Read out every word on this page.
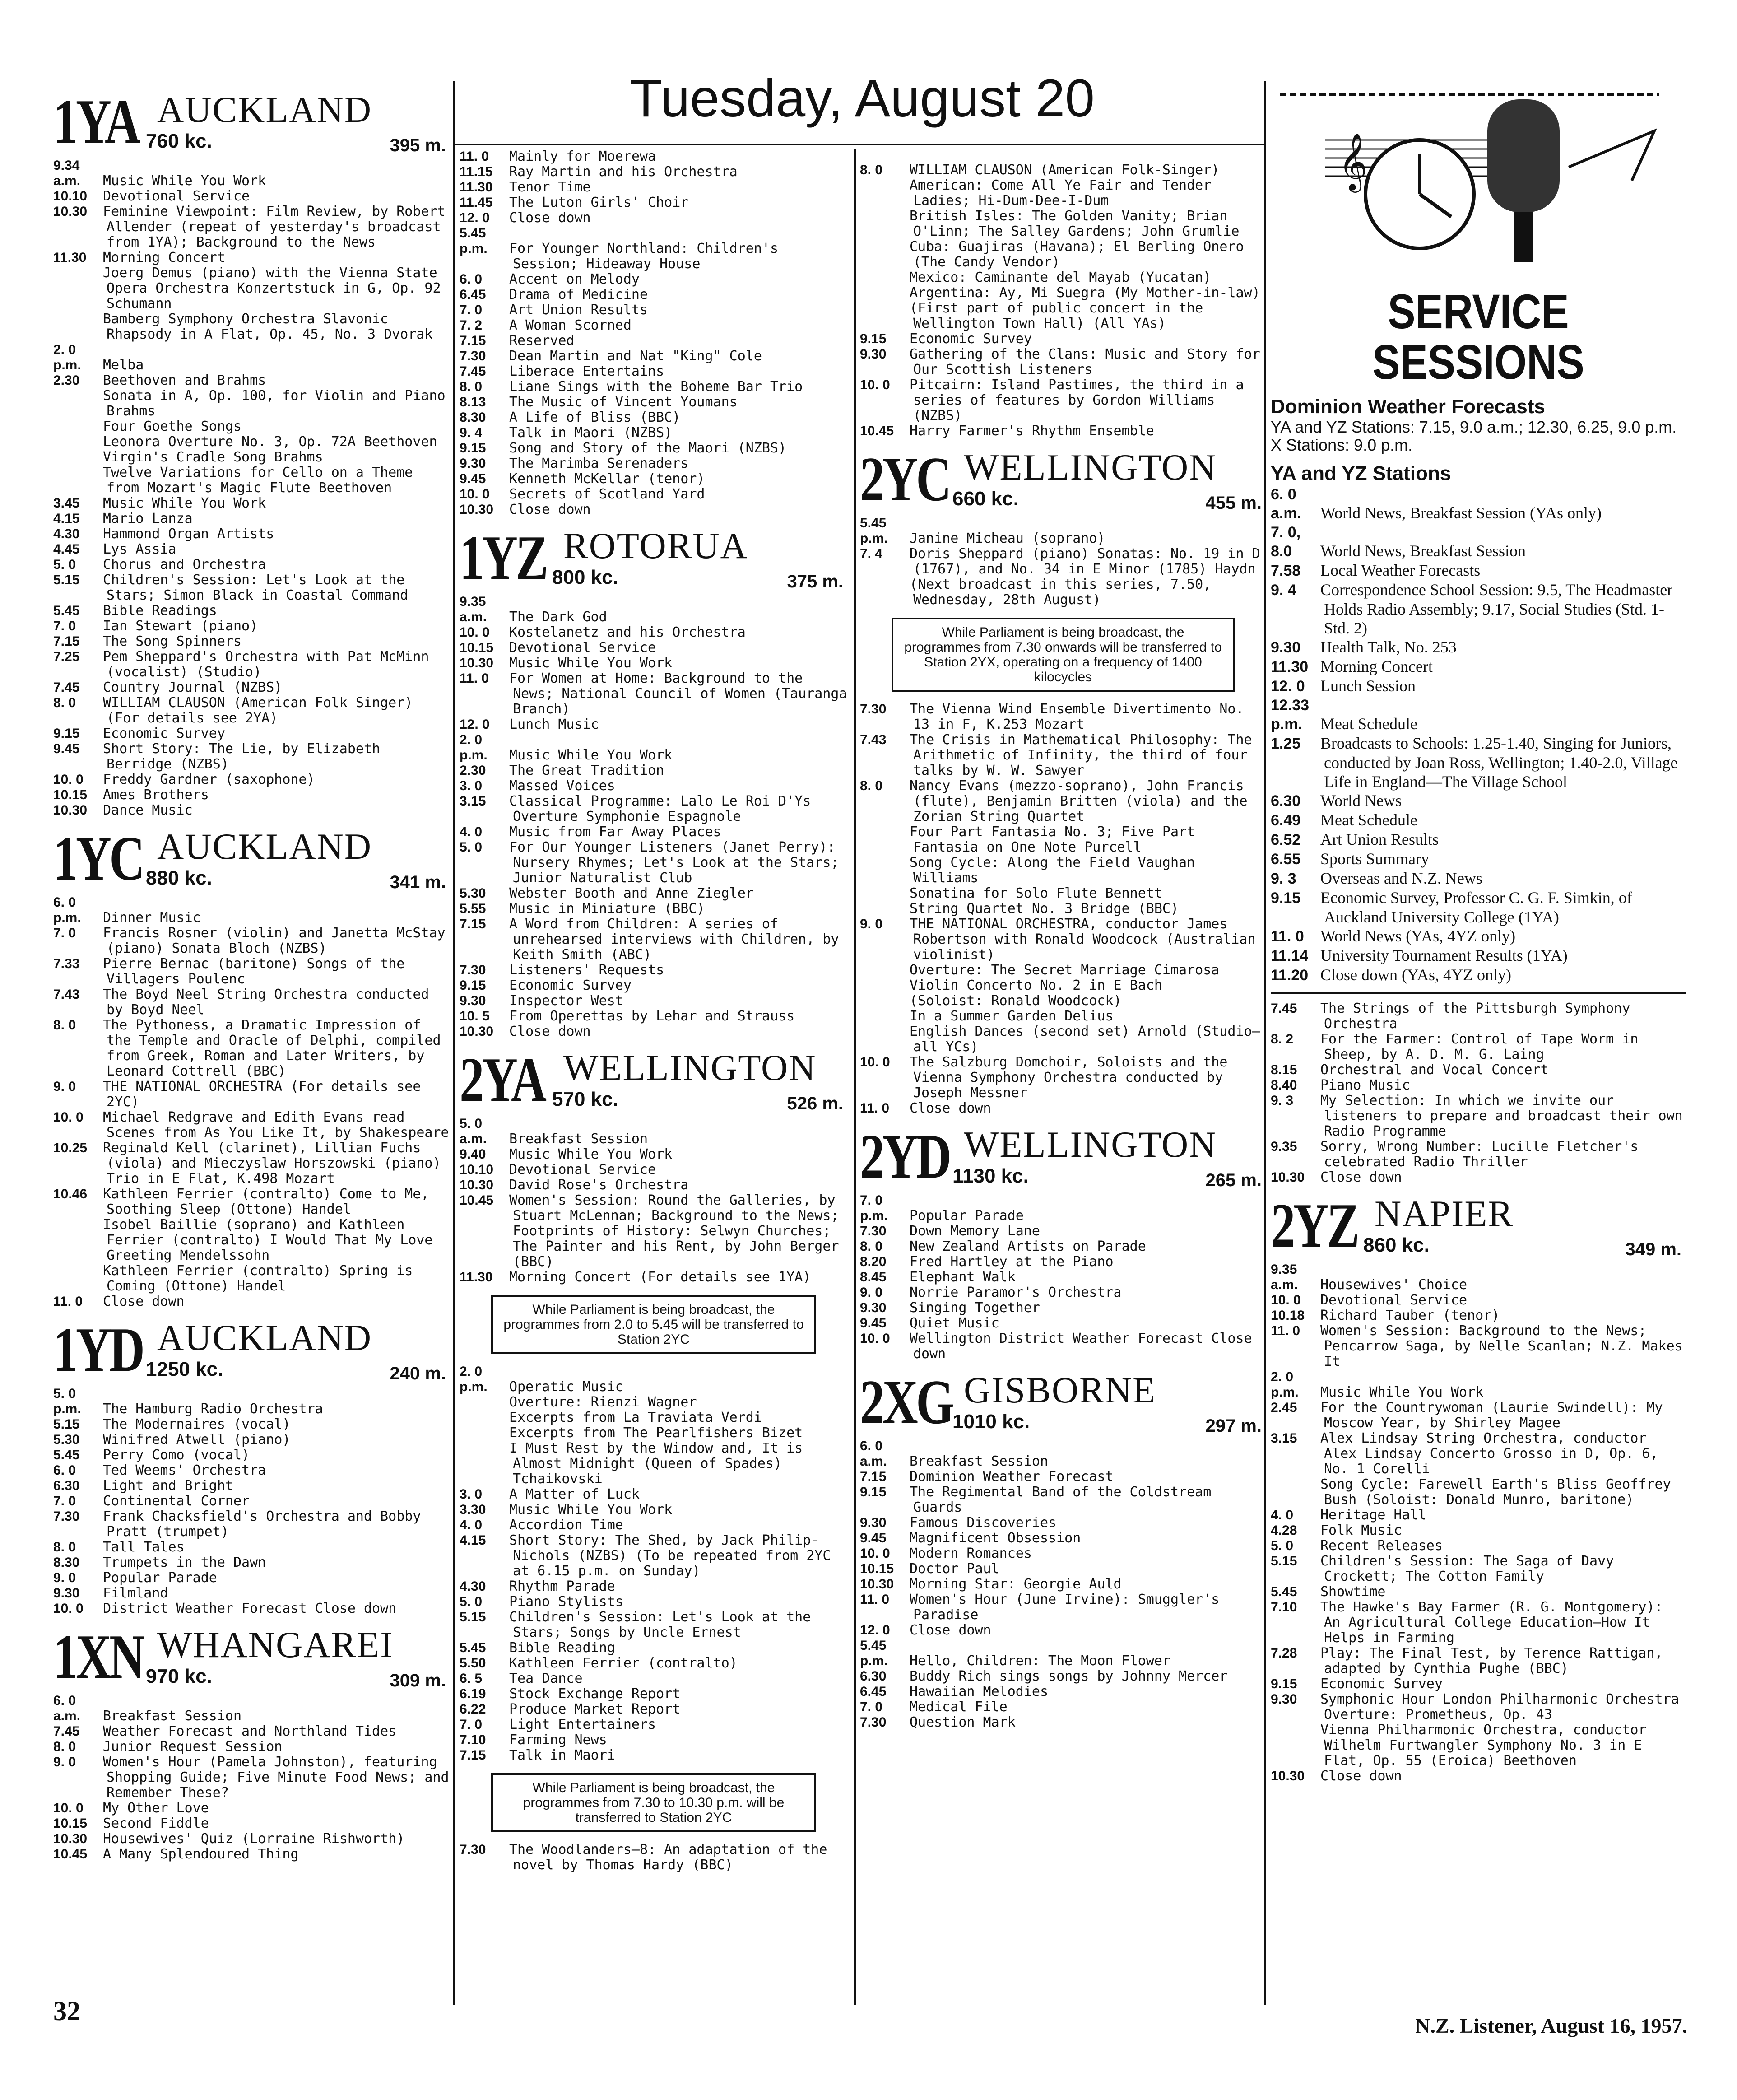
Tuesday, August 20
1YA AUCKLAND
760 kc.	395 m.
9.34 a.m. Music While You Work
10.10 Devotional Service
10.30 Feminine Viewpoint: Film Review, by Robert Allender (repeat of yesterday's broadcast from 1YA); Background to the News
11.30 Morning Concert
Joerg Demus (piano) with the Vienna State Opera Orchestra Konzertstuck in G, Op. 92 Schumann
Bamberg Symphony Orchestra Slavonic Rhapsody in A Flat, Op. 45, No. 3 Dvorak
2. 0 p.m. Melba
2.30 Beethoven and Brahms
Sonata in A, Op. 100, for Violin and Piano Brahms
Four Goethe Songs
Leonora Overture No. 3, Op. 72A Beethoven
Virgin's Cradle Song Brahms
Twelve Variations for Cello on a Theme from Mozart's Magic Flute Beethoven
3.45 Music While You Work
4.15 Mario Lanza
4.30 Hammond Organ Artists
4.45 Lys Assia
5. 0 Chorus and Orchestra
5.15 Children's Session: Let's Look at the Stars; Simon Black in Coastal Command
5.45 Bible Readings
7. 0 Ian Stewart (piano)
7.15 The Song Spinners
7.25 Pem Sheppard's Orchestra with Pat McMinn (vocalist) (Studio)
7.45 Country Journal (NZBS)
8. 0 WILLIAM CLAUSON (American Folk Singer) (For details see 2YA)
9.15 Economic Survey
9.45 Short Story: The Lie, by Elizabeth Berridge (NZBS)
10. 0 Freddy Gardner (saxophone)
10.15 Ames Brothers
10.30 Dance Music
1YC AUCKLAND
880 kc.	341 m.
6. 0 p.m. Dinner Music
7. 0 Francis Rosner (violin) and Janetta McStay (piano) Sonata Bloch (NZBS)
7.33 Pierre Bernac (baritone) Songs of the Villagers Poulenc
7.43 The Boyd Neel String Orchestra conducted by Boyd Neel
8. 0 The Pythoness, a Dramatic Impression of the Temple and Oracle of Delphi, compiled from Greek, Roman and Later Writers, by Leonard Cottrell (BBC)
9. 0 THE NATIONAL ORCHESTRA (For details see 2YC)
10. 0 Michael Redgrave and Edith Evans read Scenes from As You Like It, by Shakespeare
10.25 Reginald Kell (clarinet), Lillian Fuchs (viola) and Mieczyslaw Horszowski (piano) Trio in E Flat, K.498 Mozart
10.46 Kathleen Ferrier (contralto) Come to Me, Soothing Sleep (Ottone) Handel
Isobel Baillie (soprano) and Kathleen Ferrier (contralto) I Would That My Love Greeting Mendelssohn
Kathleen Ferrier (contralto) Spring is Coming (Ottone) Handel
11. 0 Close down
1YD AUCKLAND
1250 kc.	240 m.
5. 0 p.m. The Hamburg Radio Orchestra
5.15 The Modernaires (vocal)
5.30 Winifred Atwell (piano)
5.45 Perry Como (vocal)
6. 0 Ted Weems' Orchestra
6.30 Light and Bright
7. 0 Continental Corner
7.30 Frank Chacksfield's Orchestra and Bobby Pratt (trumpet)
8. 0 Tall Tales
8.30 Trumpets in the Dawn
9. 0 Popular Parade
9.30 Filmland
10. 0 District Weather Forecast Close down
1XN WHANGAREI
970 kc.	309 m.
6. 0 a.m. Breakfast Session
7.45 Weather Forecast and Northland Tides
8. 0 Junior Request Session
9. 0 Women's Hour (Pamela Johnston), featuring Shopping Guide; Five Minute Food News; and Remember These?
10. 0 My Other Love
10.15 Second Fiddle
10.30 Housewives' Quiz (Lorraine Rishworth)
10.45 A Many Splendoured Thing
11. 0 Mainly for Moerewa
11.15 Ray Martin and his Orchestra
11.30 Tenor Time
11.45 The Luton Girls' Choir
12. 0 Close down
5.45 p.m. For Younger Northland: Children's Session; Hideaway House
6. 0 Accent on Melody
6.45 Drama of Medicine
7. 0 Art Union Results
7. 2 A Woman Scorned
7.15 Reserved
7.30 Dean Martin and Nat "King" Cole
7.45 Liberace Entertains
8. 0 Liane Sings with the Boheme Bar Trio
8.13 The Music of Vincent Youmans
8.30 A Life of Bliss (BBC)
9. 4 Talk in Maori (NZBS)
9.15 Song and Story of the Maori (NZBS)
9.30 The Marimba Serenaders
9.45 Kenneth McKellar (tenor)
10. 0 Secrets of Scotland Yard
10.30 Close down
1YZ ROTORUA
800 kc.	375 m.
9.35 a.m. The Dark God
10. 0 Kostelanetz and his Orchestra
10.15 Devotional Service
10.30 Music While You Work
11. 0 For Women at Home: Background to the News; National Council of Women (Tauranga Branch)
12. 0 Lunch Music
2. 0 p.m. Music While You Work
2.30 The Great Tradition
3. 0 Massed Voices
3.15 Classical Programme: Lalo Le Roi D'Ys Overture Symphonie Espagnole
4. 0 Music from Far Away Places
5. 0 For Our Younger Listeners (Janet Perry): Nursery Rhymes; Let's Look at the Stars; Junior Naturalist Club
5.30 Webster Booth and Anne Ziegler
5.55 Music in Miniature (BBC)
7.15 A Word from Children: A series of unrehearsed interviews with Children, by Keith Smith (ABC)
7.30 Listeners' Requests
9.15 Economic Survey
9.30 Inspector West
10. 5 From Operettas by Lehar and Strauss
10.30 Close down
2YA WELLINGTON
570 kc.	526 m.
5. 0 a.m. Breakfast Session
9.40 Music While You Work
10.10 Devotional Service
10.30 David Rose's Orchestra
10.45 Women's Session: Round the Galleries, by Stuart McLennan; Background to the News; Footprints of History: Selwyn Churches; The Painter and his Rent, by John Berger (BBC)
11.30 Morning Concert (For details see 1YA)
While Parliament is being broadcast, the programmes from 2.0 to 5.45 will be transferred to Station 2YC
2. 0 p.m. Operatic Music
Overture: Rienzi Wagner
Excerpts from La Traviata Verdi
Excerpts from The Pearlfishers Bizet
I Must Rest by the Window and, It is Almost Midnight (Queen of Spades) Tchaikovski
3. 0 A Matter of Luck
3.30 Music While You Work
4. 0 Accordion Time
4.15 Short Story: The Shed, by Jack Philip-Nichols (NZBS) (To be repeated from 2YC at 6.15 p.m. on Sunday)
4.30 Rhythm Parade
5. 0 Piano Stylists
5.15 Children's Session: Let's Look at the Stars; Songs by Uncle Ernest
5.45 Bible Reading
5.50 Kathleen Ferrier (contralto)
6. 5 Tea Dance
6.19 Stock Exchange Report
6.22 Produce Market Report
7. 0 Light Entertainers
7.10 Farming News
7.15 Talk in Maori
While Parliament is being broadcast, the programmes from 7.30 to 10.30 p.m. will be transferred to Station 2YC
7.30 The Woodlanders—8: An adaptation of the novel by Thomas Hardy (BBC)
8. 0 WILLIAM CLAUSON (American Folk-Singer)
American: Come All Ye Fair and Tender Ladies; Hi-Dum-Dee-I-Dum
British Isles: The Golden Vanity; Brian O'Linn; The Salley Gardens; John Grumlie
Cuba: Guajiras (Havana); El Berling Onero (The Candy Vendor)
Mexico: Caminante del Mayab (Yucatan)
Argentina: Ay, Mi Suegra (My Mother-in-law)
(First part of public concert in the Wellington Town Hall) (All YAs)
9.15 Economic Survey
9.30 Gathering of the Clans: Music and Story for Our Scottish Listeners
10. 0 Pitcairn: Island Pastimes, the third in a series of features by Gordon Williams (NZBS)
10.45 Harry Farmer's Rhythm Ensemble
2YC WELLINGTON
660 kc.	455 m.
5.45 p.m. Janine Micheau (soprano)
7. 4 Doris Sheppard (piano) Sonatas: No. 19 in D (1767), and No. 34 in E Minor (1785) Haydn
(Next broadcast in this series, 7.50, Wednesday, 28th August)
While Parliament is being broadcast, the programmes from 7.30 onwards will be transferred to Station 2YX, operating on a frequency of 1400 kilocycles
7.30 The Vienna Wind Ensemble Divertimento No. 13 in F, K.253 Mozart
7.43 The Crisis in Mathematical Philosophy: The Arithmetic of Infinity, the third of four talks by W. W. Sawyer
8. 0 Nancy Evans (mezzo-soprano), John Francis (flute), Benjamin Britten (viola) and the Zorian String Quartet
Four Part Fantasia No. 3; Five Part Fantasia on One Note Purcell
Song Cycle: Along the Field Vaughan Williams
Sonatina for Solo Flute Bennett
String Quartet No. 3 Bridge (BBC)
9. 0 THE NATIONAL ORCHESTRA, conductor James Robertson with Ronald Woodcock (Australian violinist)
Overture: The Secret Marriage Cimarosa
Violin Concerto No. 2 in E Bach
(Soloist: Ronald Woodcock)
In a Summer Garden Delius
English Dances (second set) Arnold (Studio—all YCs)
10. 0 The Salzburg Domchoir, Soloists and the Vienna Symphony Orchestra conducted by Joseph Messner
11. 0 Close down
2YD WELLINGTON
1130 kc.	265 m.
7. 0 p.m. Popular Parade
7.30 Down Memory Lane
8. 0 New Zealand Artists on Parade
8.20 Fred Hartley at the Piano
8.45 Elephant Walk
9. 0 Norrie Paramor's Orchestra
9.30 Singing Together
9.45 Quiet Music
10. 0 Wellington District Weather Forecast Close down
2XG GISBORNE
1010 kc.	297 m.
6. 0 a.m. Breakfast Session
7.15 Dominion Weather Forecast
9.15 The Regimental Band of the Coldstream Guards
9.30 Famous Discoveries
9.45 Magnificent Obsession
10. 0 Modern Romances
10.15 Doctor Paul
10.30 Morning Star: Georgie Auld
11. 0 Women's Hour (June Irvine): Smuggler's Paradise
12. 0 Close down
5.45 p.m. Hello, Children: The Moon Flower
6.30 Buddy Rich sings songs by Johnny Mercer
6.45 Hawaiian Melodies
7. 0 Medical File
7.30 Question Mark
𝄞
SERVICE
SESSIONS
Dominion Weather Forecasts
YA and YZ Stations: 7.15, 9.0 a.m.; 12.30, 6.25, 9.0 p.m.
X Stations: 9.0 p.m.
YA and YZ Stations
6. 0 a.m. World News, Breakfast Session (YAs only)
7. 0, 8.0 World News, Breakfast Session
7.58 Local Weather Forecasts
9. 4 Correspondence School Session: 9.5, The Headmaster Holds Radio Assembly; 9.17, Social Studies (Std. 1-Std. 2)
9.30 Health Talk, No. 253
11.30 Morning Concert
12. 0 Lunch Session
12.33 p.m. Meat Schedule
1.25 Broadcasts to Schools: 1.25-1.40, Singing for Juniors, conducted by Joan Ross, Wellington; 1.40-2.0, Village Life in England—The Village School
6.30 World News
6.49 Meat Schedule
6.52 Art Union Results
6.55 Sports Summary
9. 3 Overseas and N.Z. News
9.15 Economic Survey, Professor C. G. F. Simkin, of Auckland University College (1YA)
11. 0 World News (YAs, 4YZ only)
11.14 University Tournament Results (1YA)
11.20 Close down (YAs, 4YZ only)
7.45 The Strings of the Pittsburgh Symphony Orchestra
8. 2 For the Farmer: Control of Tape Worm in Sheep, by A. D. M. G. Laing
8.15 Orchestral and Vocal Concert
8.40 Piano Music
9. 3 My Selection: In which we invite our listeners to prepare and broadcast their own Radio Programme
9.35 Sorry, Wrong Number: Lucille Fletcher's celebrated Radio Thriller
10.30 Close down
2YZ NAPIER
860 kc.	349 m.
9.35 a.m. Housewives' Choice
10. 0 Devotional Service
10.18 Richard Tauber (tenor)
11. 0 Women's Session: Background to the News; Pencarrow Saga, by Nelle Scanlan; N.Z. Makes It
2. 0 p.m. Music While You Work
2.45 For the Countrywoman (Laurie Swindell): My Moscow Year, by Shirley Magee
3.15 Alex Lindsay String Orchestra, conductor Alex Lindsay Concerto Grosso in D, Op. 6, No. 1 Corelli
Song Cycle: Farewell Earth's Bliss Geoffrey Bush (Soloist: Donald Munro, baritone)
4. 0 Heritage Hall
4.28 Folk Music
5. 0 Recent Releases
5.15 Children's Session: The Saga of Davy Crockett; The Cotton Family
5.45 Showtime
7.10 The Hawke's Bay Farmer (R. G. Montgomery): An Agricultural College Education—How It Helps in Farming
7.28 Play: The Final Test, by Terence Rattigan, adapted by Cynthia Pughe (BBC)
9.15 Economic Survey
9.30 Symphonic Hour London Philharmonic Orchestra Overture: Prometheus, Op. 43
Vienna Philharmonic Orchestra, conductor Wilhelm Furtwangler Symphony No. 3 in E Flat, Op. 55 (Eroica) Beethoven
10.30 Close down
32	N.Z. Listener, August 16, 1957.
